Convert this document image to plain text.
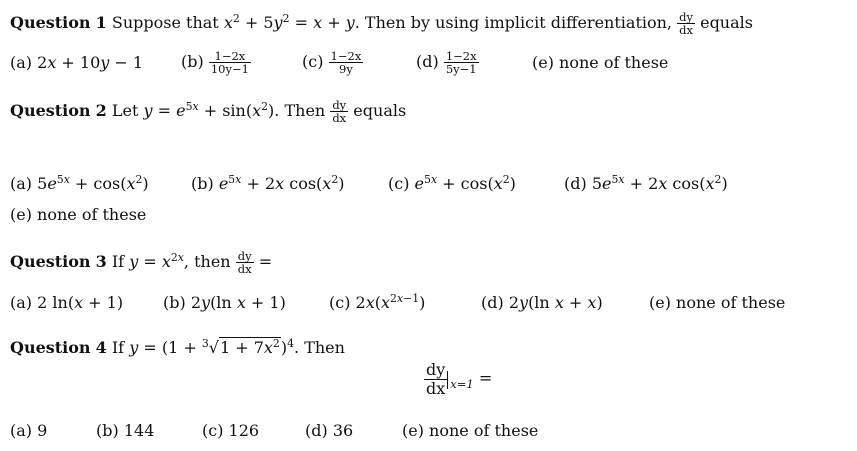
Question 1 Suppose that $x^2 + 5y^2 = x + y$. Then by using implicit differentiation, $\frac{dy}{dx}$ equals
(a) 2x + 10y − 1 $(b) \frac{1-2x}{10y-1}$	$(c) \frac{1-2x}{9y}$	$(d) \frac{1-2x}{5y-1}$	(e) none of these
Question 2 Let $y = e^{5x} + \sin(x^2)$. Then $\frac{dy}{dx}$ equals
(a) $5e^{5x} + \cos(x^2)$	(b) $e^{5x} + 2x$ $\cos(x^2)$	(c) $e^{5x} + \cos(x^2)$	(d) $5e^{5x} + 2x$ $\cos(x^2)$
(e) none of these
Question 3 If $y = x^{2x}$, then $\frac{dy}{dx}$ =
(a) 2 ln(x + 1) (b) 2y(ln x + 1)	(c) $2x(x^{2x-1})$	(d) 2y(ln x + x)	(e) none of these
Question 4 If $y = (1 + ^3√1 + 7x^2)^4$. Then
$\frac{dy}{dx} x=1$ =
(a) 9	(b) 144	(c) 126	(d) 36	(e) none of these
